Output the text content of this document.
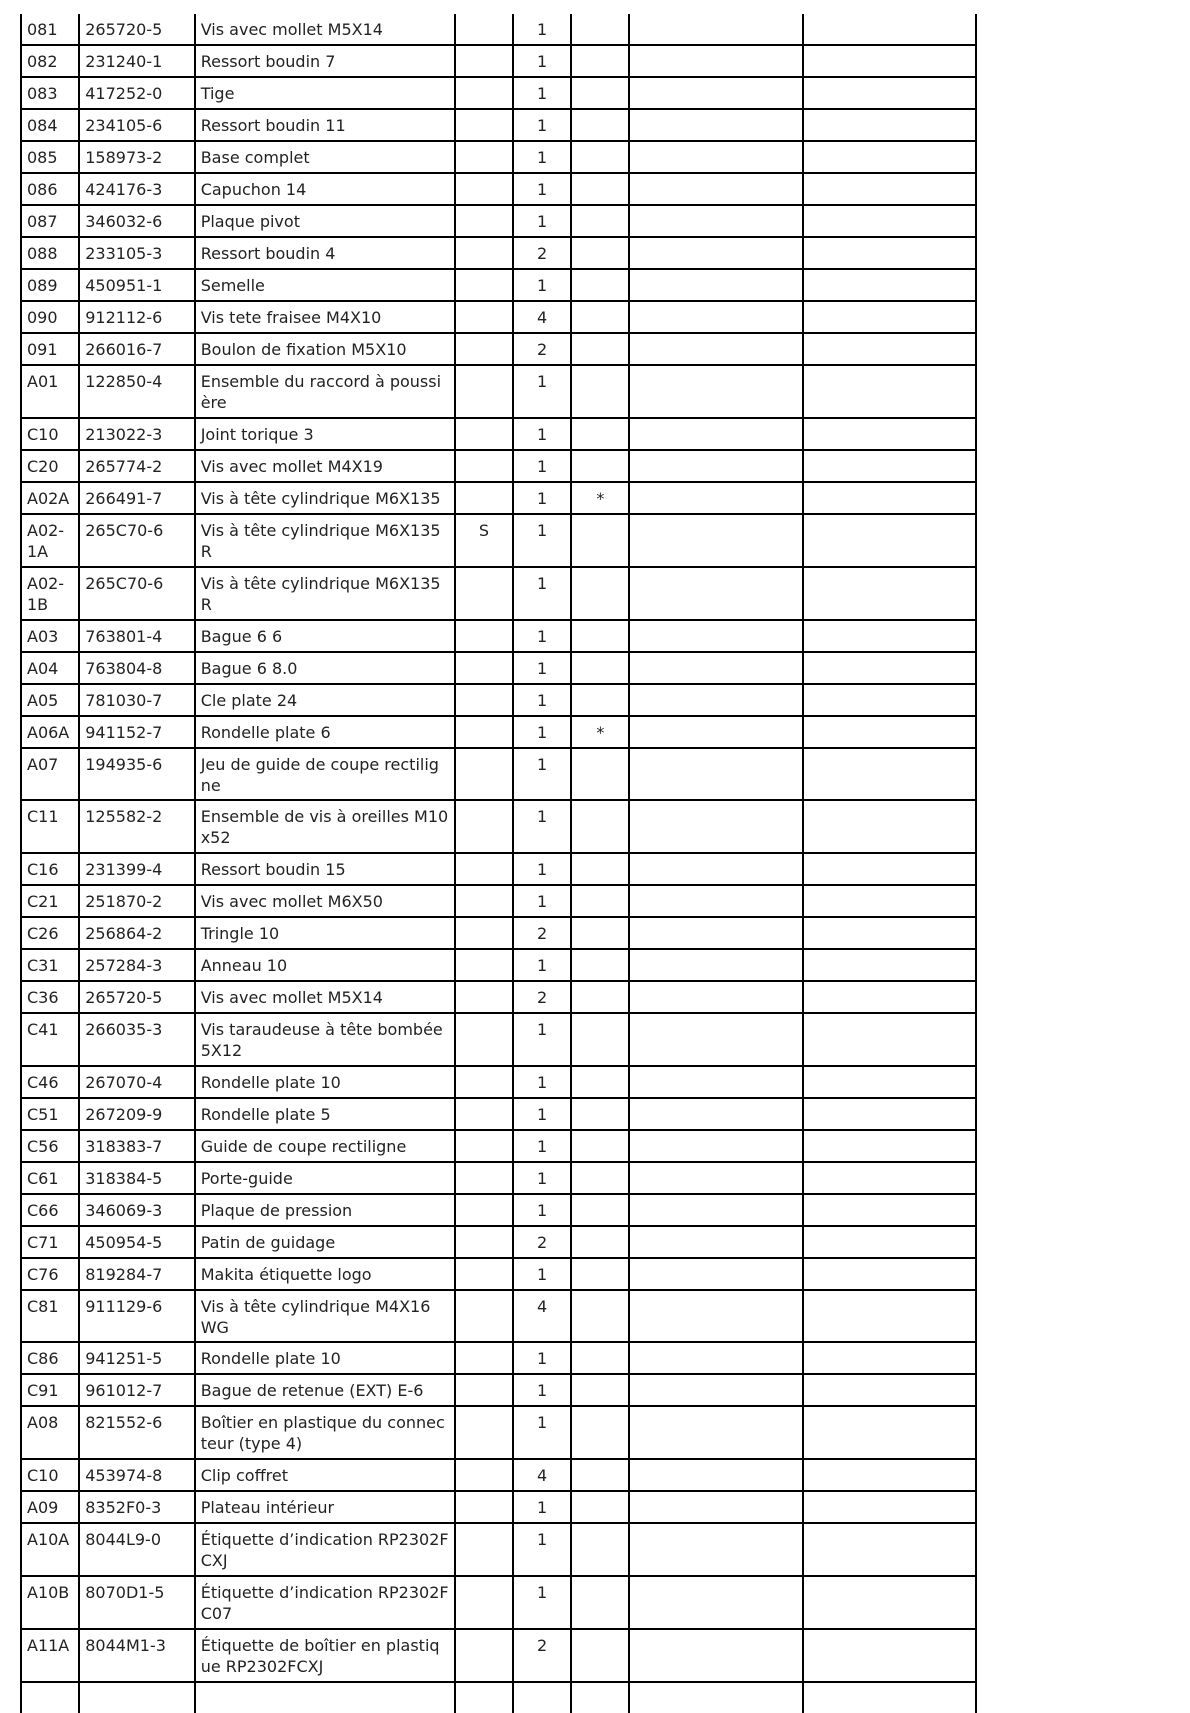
081	265720-5	Vis avec mollet M5X14		1			
082	231240-1	Ressort boudin 7		1			
083	417252-0	Tige		1			
084	234105-6	Ressort boudin 11		1			
085	158973-2	Base complet		1			
086	424176-3	Capuchon 14		1			
087	346032-6	Plaque pivot		1			
088	233105-3	Ressort boudin 4		2			
089	450951-1	Semelle		1			
090	912112-6	Vis tete fraisee M4X10		4			
091	266016-7	Boulon de fixation M5X10		2			
A01	122850-4	Ensemble du raccord à poussière		1			
C10	213022-3	Joint torique 3		1			
C20	265774-2	Vis avec mollet M4X19		1			
A02A	266491-7	Vis à tête cylindrique M6X135		1	*		
A02-1A	265C70-6	Vis à tête cylindrique M6X135 R	S	1			
A02-1B	265C70-6	Vis à tête cylindrique M6X135 R		1			
A03	763801-4	Bague 6 6		1			
A04	763804-8	Bague 6 8.0		1			
A05	781030-7	Cle plate 24		1			
A06A	941152-7	Rondelle plate 6		1	*		
A07	194935-6	Jeu de guide de coupe rectiligne		1			
C11	125582-2	Ensemble de vis à oreilles M10x52		1			
C16	231399-4	Ressort boudin 15		1			
C21	251870-2	Vis avec mollet M6X50		1			
C26	256864-2	Tringle 10		2			
C31	257284-3	Anneau 10		1			
C36	265720-5	Vis avec mollet M5X14		2			
C41	266035-3	Vis taraudeuse à tête bombée 5X12		1			
C46	267070-4	Rondelle plate 10		1			
C51	267209-9	Rondelle plate 5		1			
C56	318383-7	Guide de coupe rectiligne		1			
C61	318384-5	Porte-guide		1			
C66	346069-3	Plaque de pression		1			
C71	450954-5	Patin de guidage		2			
C76	819284-7	Makita étiquette logo		1			
C81	911129-6	Vis à tête cylindrique M4X16 WG		4			
C86	941251-5	Rondelle plate 10		1			
C91	961012-7	Bague de retenue (EXT) E-6		1			
A08	821552-6	Boîtier en plastique du connecteur (type 4)		1			
C10	453974-8	Clip coffret		4			
A09	8352F0-3	Plateau intérieur		1			
A10A	8044L9-0	Étiquette d’indication RP2302FCXJ		1			
A10B	8070D1-5	Étiquette d’indication RP2302FC07		1			
A11A	8044M1-3	Étiquette de boîtier en plastique RP2302FCXJ		2			
